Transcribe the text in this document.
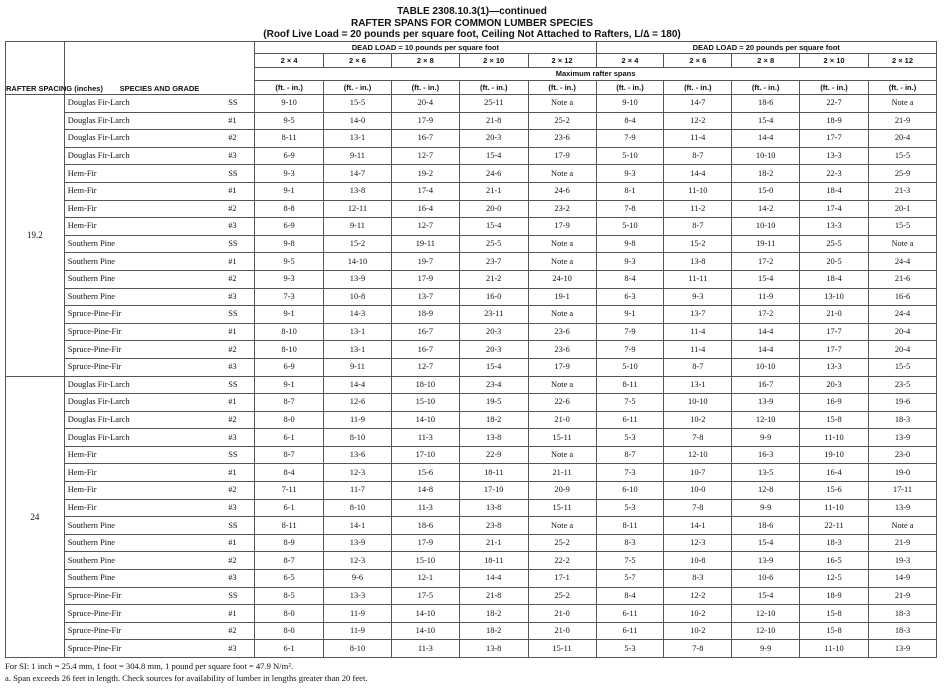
TABLE 2308.10.3(1)—continued
RAFTER SPANS FOR COMMON LUMBER SPECIES
(Roof Live Load = 20 pounds per square foot, Ceiling Not Attached to Rafters, L/∆ = 180)
RAFTER SPACING (inches)	SPECIES AND GRADE		DEAD LOAD = 10 pounds per square foot					DEAD LOAD = 20 pounds per square foot				
			2 × 4	2 × 6	2 × 8	2 × 10	2 × 12	2 × 4	2 × 6	2 × 8	2 × 10	2 × 12
			Maximum rafter spans									
			(ft. - in.)	(ft. - in.)	(ft. - in.)	(ft. - in.)	(ft. - in.)	(ft. - in.)	(ft. - in.)	(ft. - in.)	(ft. - in.)	(ft. - in.)
19.2	Douglas Fir-Larch	SS	9-10	15-5	20-4	25-11	Note a	9-10	14-7	18-6	22-7	Note a
	Douglas Fir-Larch	#1	9-5	14-0	17-9	21-8	25-2	8-4	12-2	15-4	18-9	21-9
	Douglas Fir-Larch	#2	8-11	13-1	16-7	20-3	23-6	7-9	11-4	14-4	17-7	20-4
	Douglas Fir-Larch	#3	6-9	9-11	12-7	15-4	17-9	5-10	8-7	10-10	13-3	15-5
	Hem-Fir	SS	9-3	14-7	19-2	24-6	Note a	9-3	14-4	18-2	22-3	25-9
	Hem-Fir	#1	9-1	13-8	17-4	21-1	24-6	8-1	11-10	15-0	18-4	21-3
	Hem-Fir	#2	8-8	12-11	16-4	20-0	23-2	7-8	11-2	14-2	17-4	20-1
	Hem-Fir	#3	6-9	9-11	12-7	15-4	17-9	5-10	8-7	10-10	13-3	15-5
	Southern Pine	SS	9-8	15-2	19-11	25-5	Note a	9-8	15-2	19-11	25-5	Note a
	Southern Pine	#1	9-5	14-10	19-7	23-7	Note a	9-3	13-8	17-2	20-5	24-4
	Southern Pine	#2	9-3	13-9	17-9	21-2	24-10	8-4	11-11	15-4	18-4	21-6
	Southern Pine	#3	7-3	10-8	13-7	16-0	19-1	6-3	9-3	11-9	13-10	16-6
	Spruce-Pine-Fir	SS	9-1	14-3	18-9	23-11	Note a	9-1	13-7	17-2	21-0	24-4
	Spruce-Pine-Fir	#1	8-10	13-1	16-7	20-3	23-6	7-9	11-4	14-4	17-7	20-4
	Spruce-Pine-Fir	#2	8-10	13-1	16-7	20-3	23-6	7-9	11-4	14-4	17-7	20-4
	Spruce-Pine-Fir	#3	6-9	9-11	12-7	15-4	17-9	5-10	8-7	10-10	13-3	15-5
24	Douglas Fir-Larch	SS	9-1	14-4	18-10	23-4	Note a	8-11	13-1	16-7	20-3	23-5
	Douglas Fir-Larch	#1	8-7	12-6	15-10	19-5	22-6	7-5	10-10	13-9	16-9	19-6
	Douglas Fir-Larch	#2	8-0	11-9	14-10	18-2	21-0	6-11	10-2	12-10	15-8	18-3
	Douglas Fir-Larch	#3	6-1	8-10	11-3	13-8	15-11	5-3	7-8	9-9	11-10	13-9
	Hem-Fir	SS	8-7	13-6	17-10	22-9	Note a	8-7	12-10	16-3	19-10	23-0
	Hem-Fir	#1	8-4	12-3	15-6	18-11	21-11	7-3	10-7	13-5	16-4	19-0
	Hem-Fir	#2	7-11	11-7	14-8	17-10	20-9	6-10	10-0	12-8	15-6	17-11
	Hem-Fir	#3	6-1	8-10	11-3	13-8	15-11	5-3	7-8	9-9	11-10	13-9
	Southern Pine	SS	8-11	14-1	18-6	23-8	Note a	8-11	14-1	18-6	22-11	Note a
	Southern Pine	#1	8-9	13-9	17-9	21-1	25-2	8-3	12-3	15-4	18-3	21-9
	Southern Pine	#2	8-7	12-3	15-10	18-11	22-2	7-5	10-8	13-9	16-5	19-3
	Southern Pine	#3	6-5	9-6	12-1	14-4	17-1	5-7	8-3	10-6	12-5	14-9
	Spruce-Pine-Fir	SS	8-5	13-3	17-5	21-8	25-2	8-4	12-2	15-4	18-9	21-9
	Spruce-Pine-Fir	#1	8-0	11-9	14-10	18-2	21-0	6-11	10-2	12-10	15-8	18-3
	Spruce-Pine-Fir	#2	8-0	11-9	14-10	18-2	21-0	6-11	10-2	12-10	15-8	18-3
	Spruce-Pine-Fir	#3	6-1	8-10	11-3	13-8	15-11	5-3	7-8	9-9	11-10	13-9
For SI: 1 inch = 25.4 mm, 1 foot = 304.8 mm, 1 pound per square foot = 47.9 N/m².
a. Span exceeds 26 feet in length. Check sources for availability of lumber in lengths greater than 20 feet.
